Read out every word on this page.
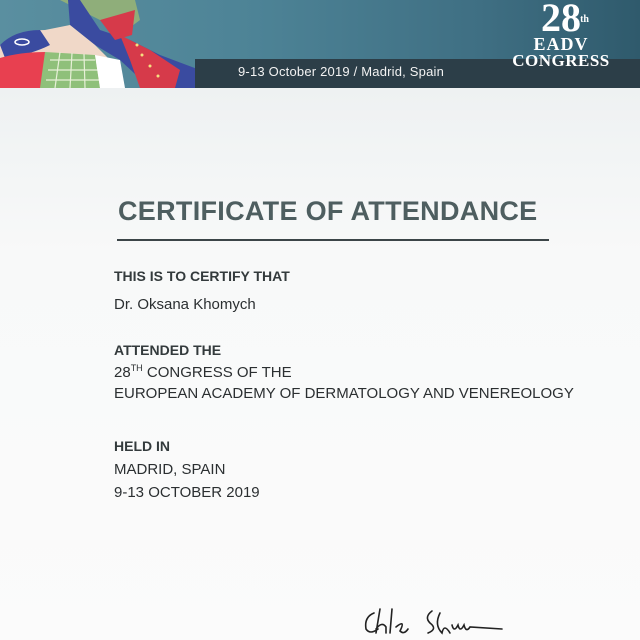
9-13 October 2019 / Madrid, Spain
28 th
EADV
CONGRESS
CERTIFICATE OF ATTENDANCE
THIS IS TO CERTIFY THAT
Dr. Oksana Khomych
ATTENDED THE
28TH CONGRESS OF THE
EUROPEAN ACADEMY OF DERMATOLOGY AND VENEREOLOGY
HELD IN
MADRID, SPAIN
9-13 OCTOBER 2019
